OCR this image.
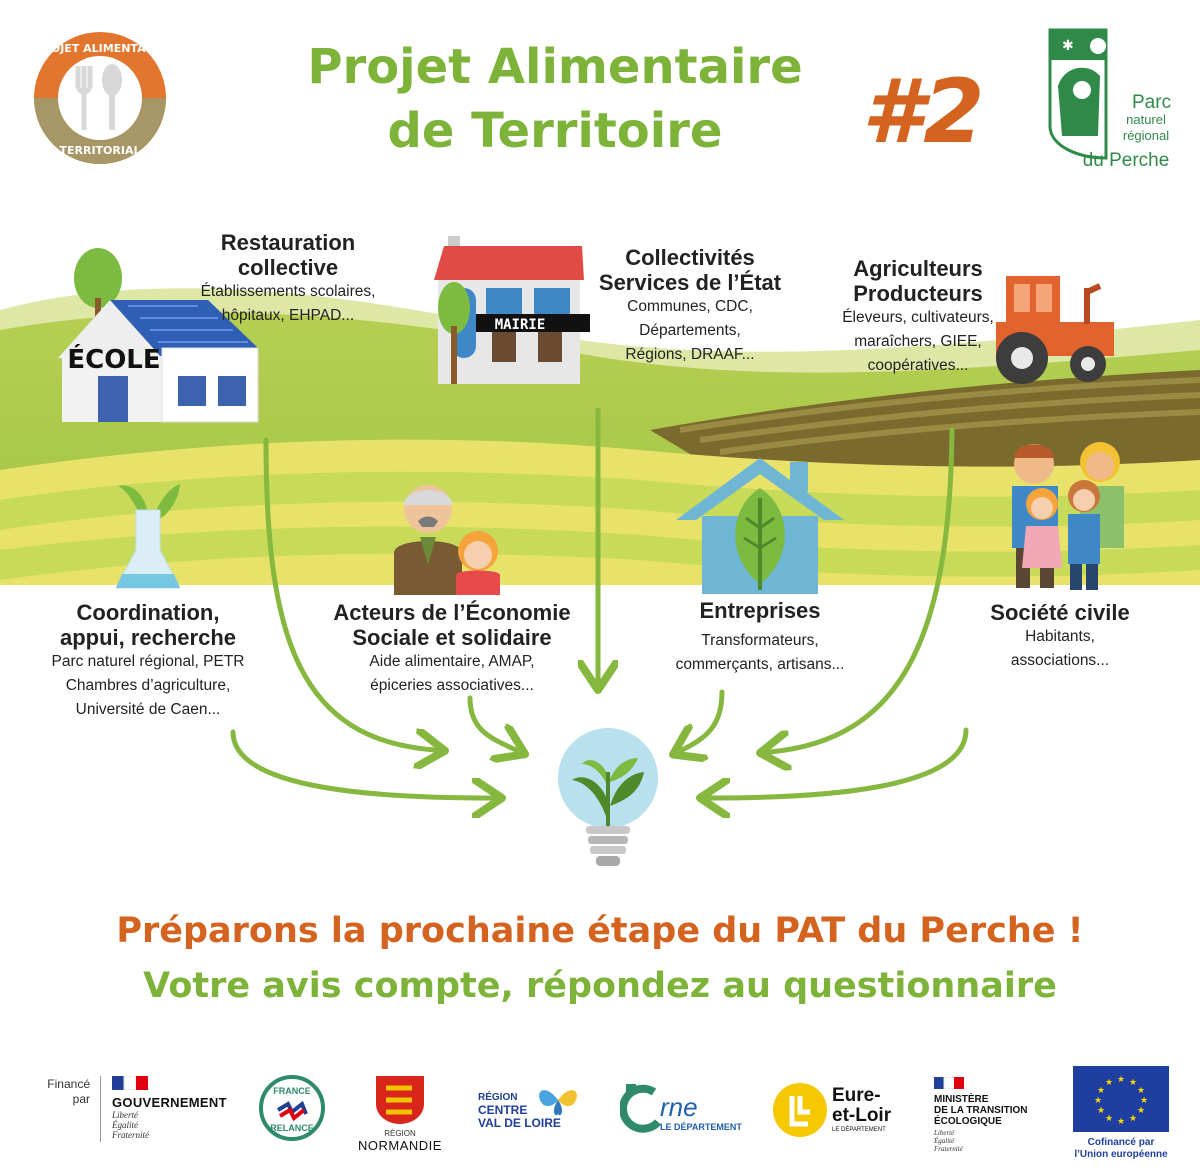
PROJET ALIMENTAIRE
TERRITORIAL
Projet Alimentaire
de Territoire	#2
✱
Parc
naturel
régional
du Perche
ÉCOLE
MAIRIE
Restauration
collective
Établissements scolaires,
hôpitaux, EHPAD...
Collectivités
Services de l’État
Communes, CDC,
Départements,
Régions, DRAAF...
Agriculteurs
Producteurs
Éleveurs, cultivateurs,
maraîchers, GIEE,
coopératives...
Coordination,
appui, recherche
Parc naturel régional, PETR
Chambres d’agriculture,
Université de Caen...
Acteurs de l’Économie
Sociale et solidaire
Aide alimentaire, AMAP,
épiceries associatives...
Entreprises
Transformateurs,
commerçants, artisans...
Société civile
Habitants,
associations...
Préparons la prochaine étape du PAT du Perche !
Votre avis compte, répondez au questionnaire
Financé
par GOUVERNEMENT
Liberté
Égalité
Fraternité
FRANCE
RELANCE
RÉGION
NORMANDIE
RÉGION
CENTRE
VAL DE LOIRE
rne
LE DÉPARTEMENT
Eure-
et-Loir
LE DÉPARTEMENT
MINISTÈRE
DE LA TRANSITION
ÉCOLOGIQUE
Liberté
Égalité
Fraternité
★ ★
★
★
★
★
★
★
★
★
★
★
Cofinancé par
l’Union européenne
